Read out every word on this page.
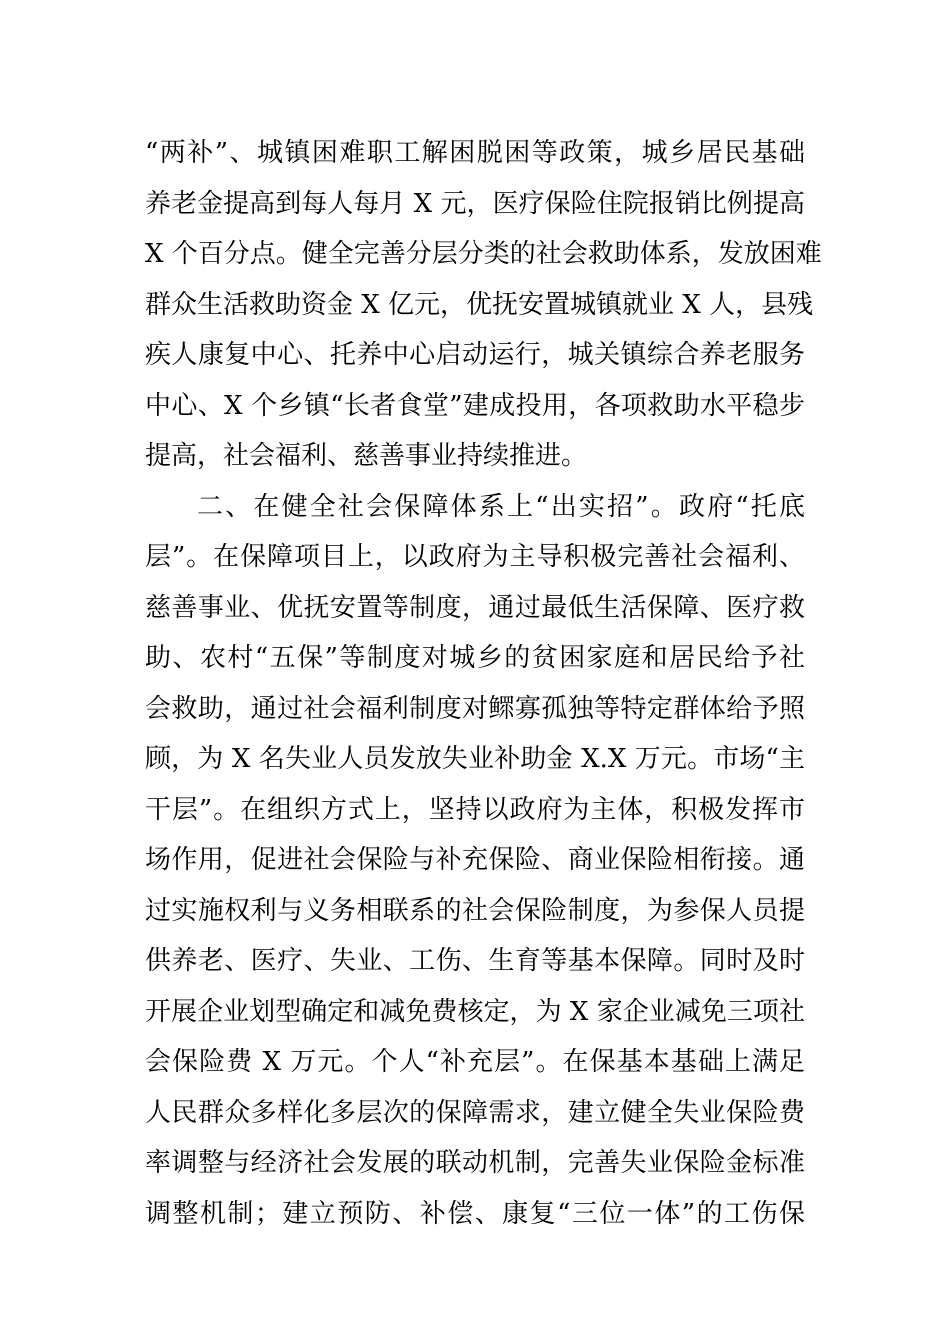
“两补”、城镇困难职工解困脱困等政策，城乡居民基础
养老金提高到每人每月 X 元，医疗保险住院报销比例提高
X 个百分点。健全完善分层分类的社会救助体系，发放困难
群众生活救助资金 X 亿元，优抚安置城镇就业 X 人，县残
疾人康复中心、托养中心启动运行，城关镇综合养老服务
中心、X 个乡镇“长者食堂”建成投用，各项救助水平稳步
提高，社会福利、慈善事业持续推进。
二、在健全社会保障体系上“出实招”。政府“托底
层”。在保障项目上，以政府为主导积极完善社会福利、
慈善事业、优抚安置等制度，通过最低生活保障、医疗救
助、农村“五保”等制度对城乡的贫困家庭和居民给予社
会救助，通过社会福利制度对鳏寡孤独等特定群体给予照
顾，为 X 名失业人员发放失业补助金 X.X 万元。市场“主
干层”。在组织方式上，坚持以政府为主体，积极发挥市
场作用，促进社会保险与补充保险、商业保险相衔接。通
过实施权利与义务相联系的社会保险制度，为参保人员提
供养老、医疗、失业、工伤、生育等基本保障。同时及时
开展企业划型确定和减免费核定，为 X 家企业减免三项社
会保险费 X 万元。个人“补充层”。在保基本基础上满足
人民群众多样化多层次的保障需求，建立健全失业保险费
率调整与经济社会发展的联动机制，完善失业保险金标准
调整机制；建立预防、补偿、康复“三位一体”的工伤保
